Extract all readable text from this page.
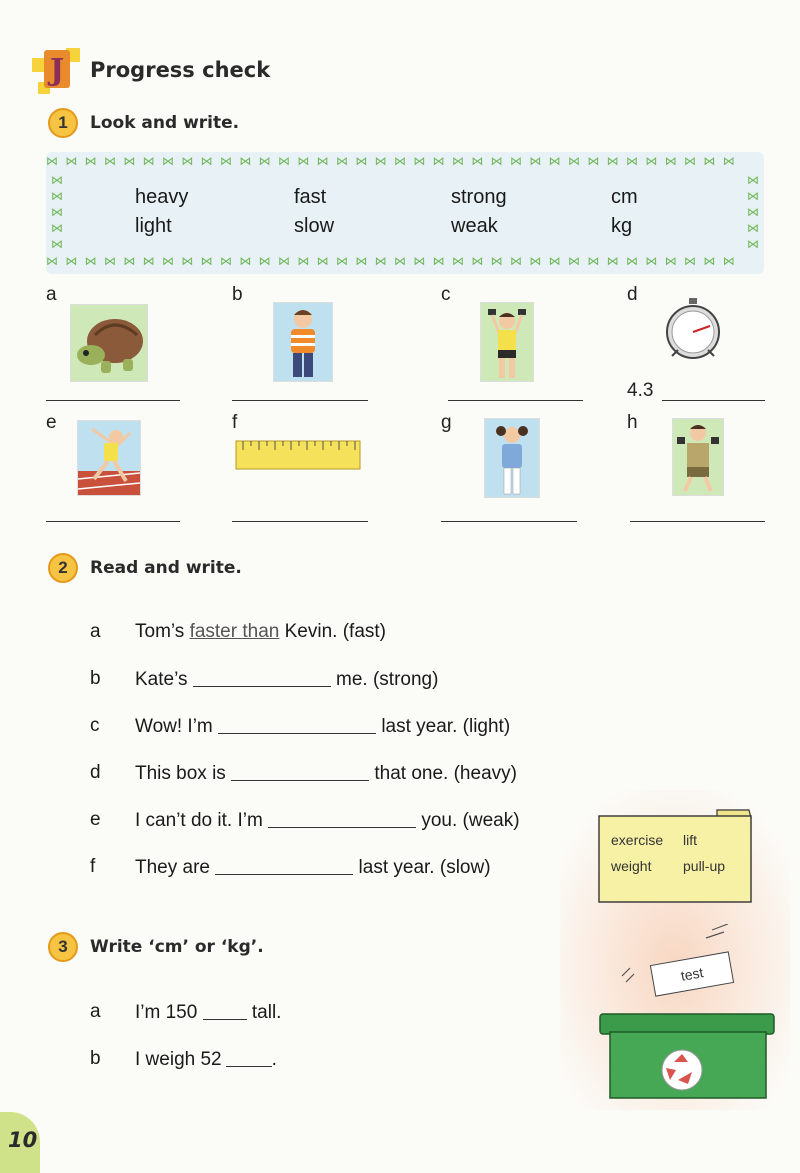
J Progress check
1	Look and write.
⋈ ⋈ ⋈ ⋈ ⋈ ⋈ ⋈ ⋈ ⋈ ⋈ ⋈ ⋈ ⋈ ⋈ ⋈ ⋈ ⋈ ⋈ ⋈ ⋈ ⋈ ⋈ ⋈ ⋈ ⋈ ⋈ ⋈ ⋈ ⋈ ⋈ ⋈ ⋈ ⋈ ⋈ ⋈ ⋈
⋈ ⋈ ⋈ ⋈ ⋈ ⋈ ⋈ ⋈ ⋈ ⋈ ⋈ ⋈ ⋈ ⋈ ⋈ ⋈ ⋈ ⋈ ⋈ ⋈ ⋈ ⋈ ⋈ ⋈ ⋈ ⋈ ⋈ ⋈ ⋈ ⋈ ⋈ ⋈ ⋈ ⋈ ⋈ ⋈
⋈
⋈
⋈
⋈
⋈
⋈
⋈
⋈
⋈
⋈
heavy	fast	strong	cm
light	slow	weak	kg
a	b	c	d
4.3
e	f	g	h
2	Read and write.
a Tom’s faster than Kevin. (fast)
b Kate’s	me. (strong)
c Wow! I’m	last year. (light)
d This box is	that one. (heavy)
e I can’t do it. I’m	you. (weak)
f They are	last year. (slow)
3	Write ‘cm’ or ‘kg’.
a I’m 150	tall.
b I weigh 52	.
exercise lift
weight pull-up
test
10
